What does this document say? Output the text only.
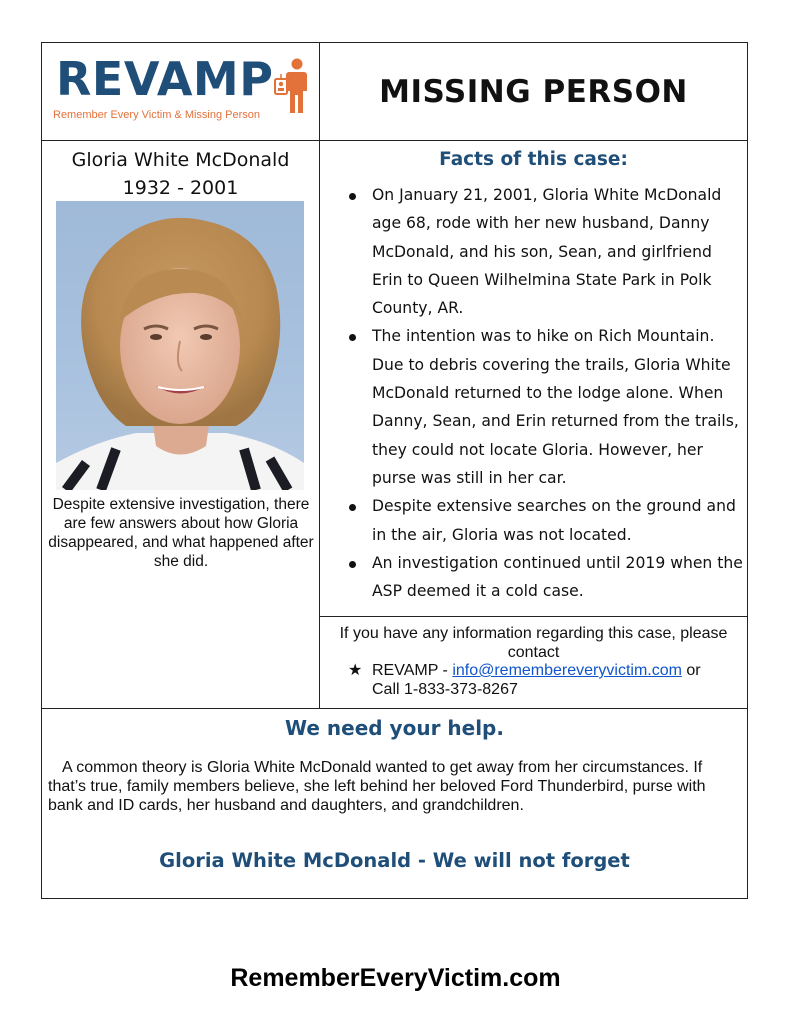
REVAMP
Remember Every Victim & Missing Person
MISSING PERSON
Gloria White McDonald
1932 - 2001
Despite extensive investigation, there are few answers about how Gloria disappeared, and what happened after she did.
Facts of this case:
On January 21, 2001, Gloria White McDonald age 68, rode with her new husband, Danny McDonald, and his son, Sean, and girlfriend Erin to Queen Wilhelmina State Park in Polk County, AR.
The intention was to hike on Rich Mountain. Due to debris covering the trails, Gloria White McDonald returned to the lodge alone. When Danny, Sean, and Erin returned from the trails, they could not locate Gloria. However, her purse was still in her car.
Despite extensive searches on the ground and in the air, Gloria was not located.
An investigation continued until 2019 when the ASP deemed it a cold case.
If you have any information regarding this case, please contact
★ REVAMP - info@remembereveryvictim.com or
Call 1-833-373-8267
We need your help.
A common theory is Gloria White McDonald wanted to get away from her circumstances. If that’s true, family members believe, she left behind her beloved Ford Thunderbird, purse with bank and ID cards, her husband and daughters, and grandchildren.
Gloria White McDonald - We will not forget
RememberEveryVictim.com
